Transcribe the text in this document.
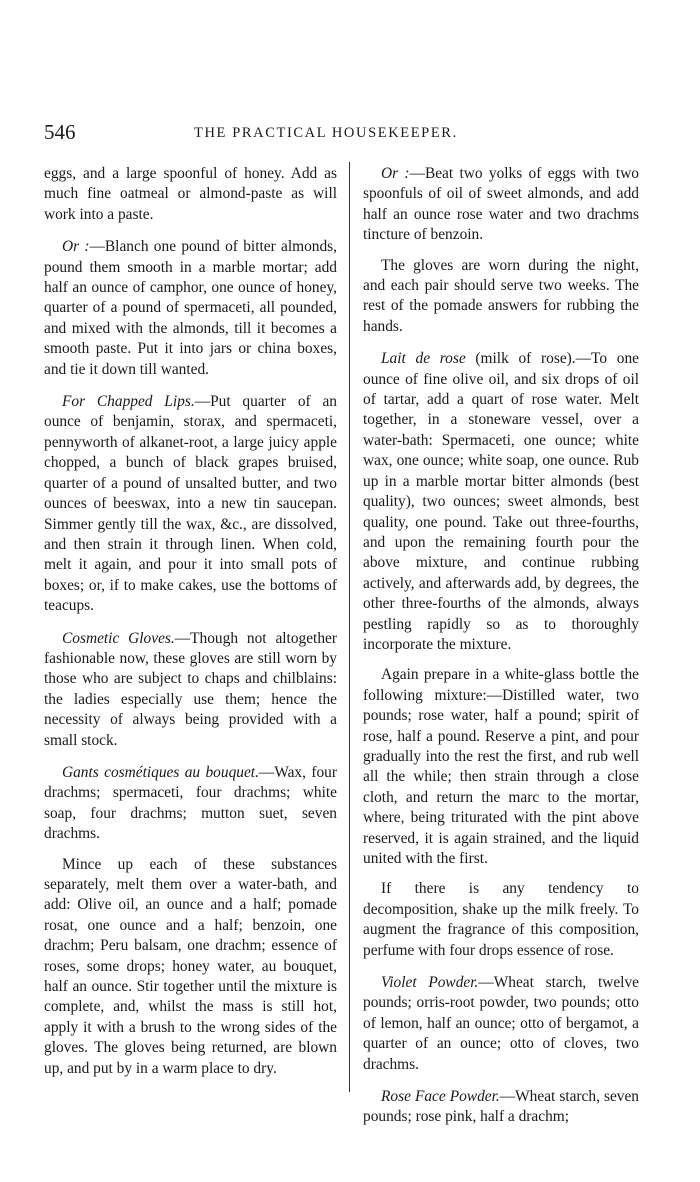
546	THE PRACTICAL HOUSEKEEPER.

eggs, and a large spoonful of honey. Add as much fine oatmeal or almond-paste as will work into a paste.

Or :—Blanch one pound of bitter almonds, pound them smooth in a marble mortar; add half an ounce of camphor, one ounce of honey, quarter of a pound of spermaceti, all pounded, and mixed with the almonds, till it becomes a smooth paste. Put it into jars or china boxes, and tie it down till wanted.

For Chapped Lips.—Put quarter of an ounce of benjamin, storax, and spermaceti, pennyworth of alkanet-root, a large juicy apple chopped, a bunch of black grapes bruised, quarter of a pound of unsalted butter, and two ounces of beeswax, into a new tin saucepan. Simmer gently till the wax, &c., are dissolved, and then strain it through linen. When cold, melt it again, and pour it into small pots of boxes; or, if to make cakes, use the bottoms of teacups.

Cosmetic Gloves.—Though not altogether fashionable now, these gloves are still worn by those who are subject to chaps and chilblains: the ladies especially use them; hence the necessity of always being provided with a small stock.

Gants cosmétiques au bouquet.—Wax, four drachms; spermaceti, four drachms; white soap, four drachms; mutton suet, seven drachms.

Mince up each of these substances separately, melt them over a water-bath, and add: Olive oil, an ounce and a half; pomade rosat, one ounce and a half; benzoin, one drachm; Peru balsam, one drachm; essence of roses, some drops; honey water, au bouquet, half an ounce. Stir together until the mixture is complete, and, whilst the mass is still hot, apply it with a brush to the wrong sides of the gloves. The gloves being returned, are blown up, and put by in a warm place to dry.

Or :—Beat two yolks of eggs with two spoonfuls of oil of sweet almonds, and add half an ounce rose water and two drachms tincture of benzoin.

The gloves are worn during the night, and each pair should serve two weeks. The rest of the pomade answers for rubbing the hands.

Lait de rose (milk of rose).—To one ounce of fine olive oil, and six drops of oil of tartar, add a quart of rose water. Melt together, in a stoneware vessel, over a water-bath: Spermaceti, one ounce; white wax, one ounce; white soap, one ounce. Rub up in a marble mortar bitter almonds (best quality), two ounces; sweet almonds, best quality, one pound. Take out three-fourths, and upon the remaining fourth pour the above mixture, and continue rubbing actively, and afterwards add, by degrees, the other three-fourths of the almonds, always pestling rapidly so as to thoroughly incorporate the mixture.

Again prepare in a white-glass bottle the following mixture:—Distilled water, two pounds; rose water, half a pound; spirit of rose, half a pound. Reserve a pint, and pour gradually into the rest the first, and rub well all the while; then strain through a close cloth, and return the marc to the mortar, where, being triturated with the pint above reserved, it is again strained, and the liquid united with the first.

If there is any tendency to decomposition, shake up the milk freely. To augment the fragrance of this composition, perfume with four drops essence of rose.

Violet Powder.—Wheat starch, twelve pounds; orris-root powder, two pounds; otto of lemon, half an ounce; otto of bergamot, a quarter of an ounce; otto of cloves, two drachms.

Rose Face Powder.—Wheat starch, seven pounds; rose pink, half a drachm;
